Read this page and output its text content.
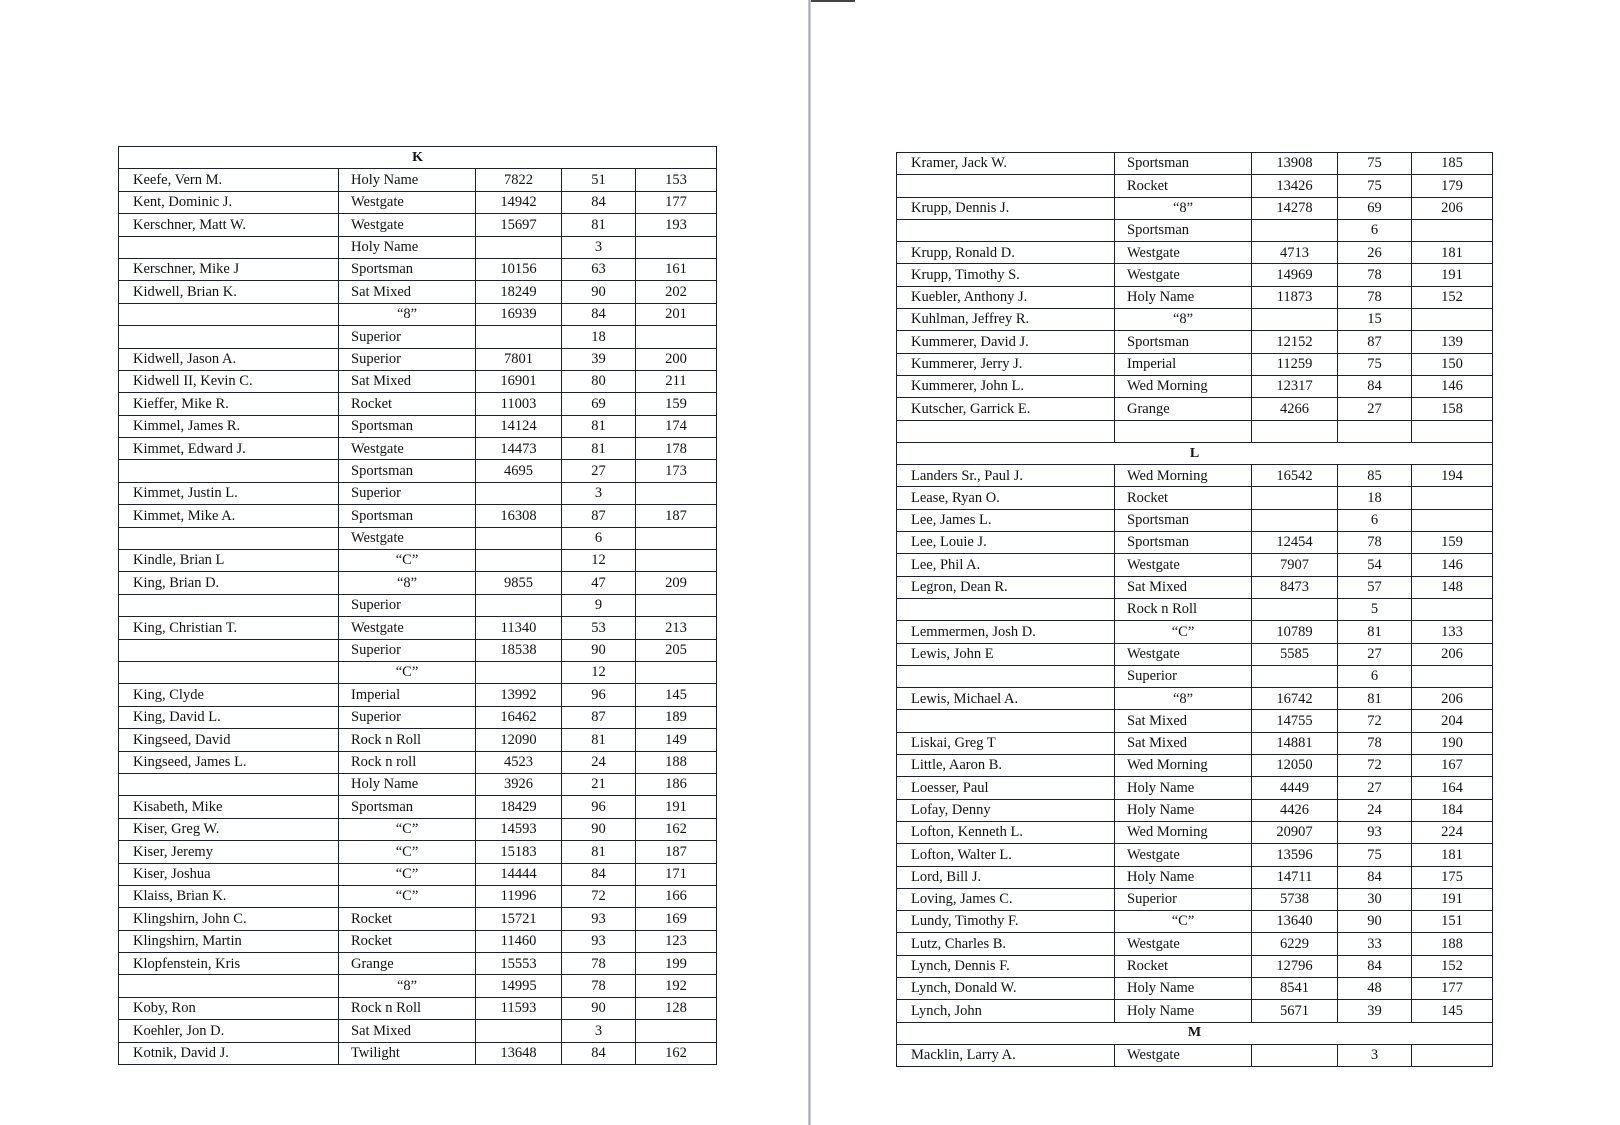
K				
Keefe, Vern M.	Holy Name	7822	51	153
Kent, Dominic J.	Westgate	14942	84	177
Kerschner, Matt W.	Westgate	15697	81	193
	Holy Name		3	
Kerschner, Mike J	Sportsman	10156	63	161
Kidwell, Brian K.	Sat Mixed	18249	90	202
	“8”	16939	84	201
	Superior		18	
Kidwell, Jason A.	Superior	7801	39	200
Kidwell II, Kevin C.	Sat Mixed	16901	80	211
Kieffer, Mike R.	Rocket	11003	69	159
Kimmel, James R.	Sportsman	14124	81	174
Kimmet, Edward J.	Westgate	14473	81	178
	Sportsman	4695	27	173
Kimmet, Justin L.	Superior		3	
Kimmet, Mike A.	Sportsman	16308	87	187
	Westgate		6	
Kindle, Brian L	“C”		12	
King, Brian D.	“8”	9855	47	209
	Superior		9	
King, Christian T.	Westgate	11340	53	213
	Superior	18538	90	205
	“C”		12	
King, Clyde	Imperial	13992	96	145
King, David L.	Superior	16462	87	189
Kingseed, David	Rock n Roll	12090	81	149
Kingseed, James L.	Rock n roll	4523	24	188
	Holy Name	3926	21	186
Kisabeth, Mike	Sportsman	18429	96	191
Kiser, Greg W.	“C”	14593	90	162
Kiser, Jeremy	“C”	15183	81	187
Kiser, Joshua	“C”	14444	84	171
Klaiss, Brian K.	“C”	11996	72	166
Klingshirn, John C.	Rocket	15721	93	169
Klingshirn, Martin	Rocket	11460	93	123
Klopfenstein, Kris	Grange	15553	78	199
	“8”	14995	78	192
Koby, Ron	Rock n Roll	11593	90	128
Koehler, Jon D.	Sat Mixed		3	
Kotnik, David J.	Twilight	13648	84	162
Kramer, Jack W.	Sportsman	13908	75	185
	Rocket	13426	75	179
Krupp, Dennis J.	“8”	14278	69	206
	Sportsman		6	
Krupp, Ronald D.	Westgate	4713	26	181
Krupp, Timothy S.	Westgate	14969	78	191
Kuebler, Anthony J.	Holy Name	11873	78	152
Kuhlman, Jeffrey R.	“8”		15	
Kummerer, David J.	Sportsman	12152	87	139
Kummerer, Jerry J.	Imperial	11259	75	150
Kummerer, John L.	Wed Morning	12317	84	146
Kutscher, Garrick E.	Grange	4266	27	158

L				
Landers Sr., Paul J.	Wed Morning	16542	85	194
Lease, Ryan O.	Rocket		18	
Lee, James L.	Sportsman		6	
Lee, Louie J.	Sportsman	12454	78	159
Lee, Phil A.	Westgate	7907	54	146
Legron, Dean R.	Sat Mixed	8473	57	148
	Rock n Roll		5	
Lemmermen, Josh D.	“C”	10789	81	133
Lewis, John E	Westgate	5585	27	206
	Superior		6	
Lewis, Michael A.	“8”	16742	81	206
	Sat Mixed	14755	72	204
Liskai, Greg T	Sat Mixed	14881	78	190
Little, Aaron B.	Wed Morning	12050	72	167
Loesser, Paul	Holy Name	4449	27	164
Lofay, Denny	Holy Name	4426	24	184
Lofton, Kenneth L.	Wed Morning	20907	93	224
Lofton, Walter L.	Westgate	13596	75	181
Lord, Bill J.	Holy Name	14711	84	175
Loving, James C.	Superior	5738	30	191
Lundy, Timothy F.	“C”	13640	90	151
Lutz, Charles B.	Westgate	6229	33	188
Lynch, Dennis F.	Rocket	12796	84	152
Lynch, Donald W.	Holy Name	8541	48	177
Lynch, John	Holy Name	5671	39	145
M				
Macklin, Larry A.	Westgate		3	
